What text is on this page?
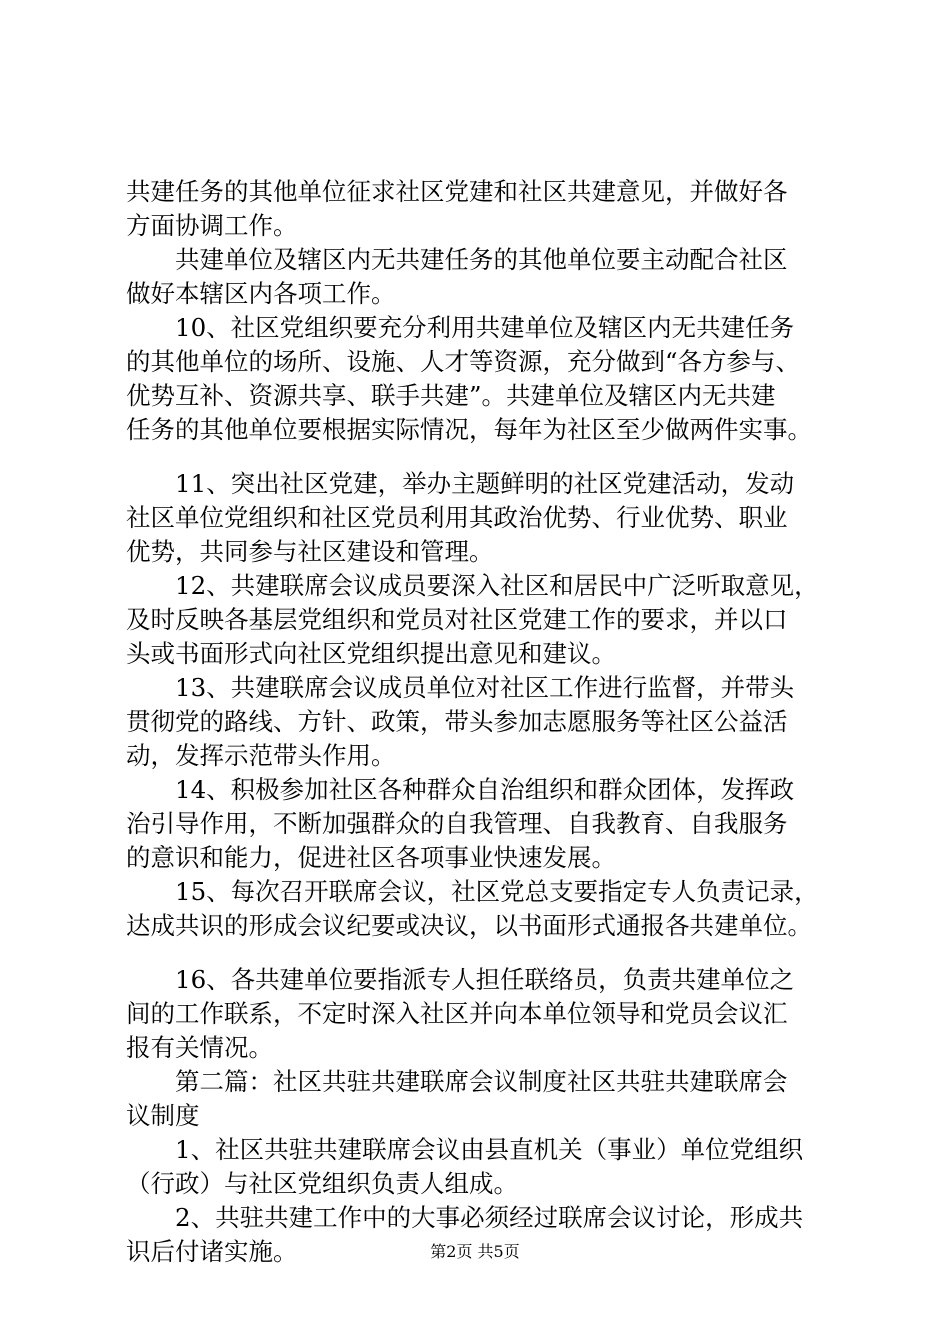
共建任务的其他单位征求社区党建和社区共建意见，并做好各
方面协调工作。
　　共建单位及辖区内无共建任务的其他单位要主动配合社区
做好本辖区内各项工作。
　　10、社区党组织要充分利用共建单位及辖区内无共建任务
的其他单位的场所、设施、人才等资源，充分做到“各方参与、
优势互补、资源共享、联手共建”。共建单位及辖区内无共建
任务的其他单位要根据实际情况，每年为社区至少做两件实事。
　　11、突出社区党建，举办主题鲜明的社区党建活动，发动
社区单位党组织和社区党员利用其政治优势、行业优势、职业
优势，共同参与社区建设和管理。
　　12、共建联席会议成员要深入社区和居民中广泛听取意见，
及时反映各基层党组织和党员对社区党建工作的要求，并以口
头或书面形式向社区党组织提出意见和建议。
　　13、共建联席会议成员单位对社区工作进行监督，并带头
贯彻党的路线、方针、政策，带头参加志愿服务等社区公益活
动，发挥示范带头作用。
　　14、积极参加社区各种群众自治组织和群众团体，发挥政
治引导作用，不断加强群众的自我管理、自我教育、自我服务
的意识和能力，促进社区各项事业快速发展。
　　15、每次召开联席会议，社区党总支要指定专人负责记录，
达成共识的形成会议纪要或决议，以书面形式通报各共建单位。
　　16、各共建单位要指派专人担任联络员，负责共建单位之
间的工作联系，不定时深入社区并向本单位领导和党员会议汇
报有关情况。
　　第二篇：社区共驻共建联席会议制度社区共驻共建联席会
议制度
　　1、社区共驻共建联席会议由县直机关（事业）单位党组织
（行政）与社区党组织负责人组成。
　　2、共驻共建工作中的大事必须经过联席会议讨论，形成共
识后付诸实施。	第2页 共5页
